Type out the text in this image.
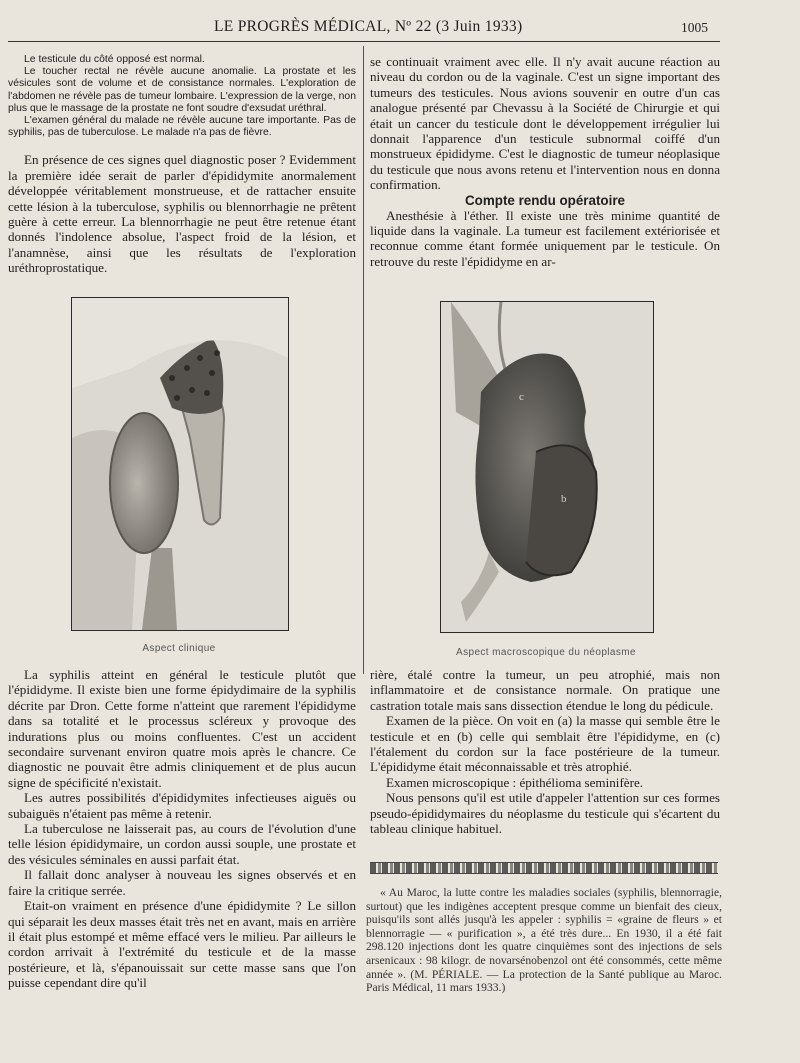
LE PROGRÈS MÉDICAL, Nº 22 (3 Juin 1933)	1005

Le testicule du côté opposé est normal.

Le toucher rectal ne révèle aucune anomalie. La prostate et les vésicules sont de volume et de consistance normales. L'exploration de l'abdomen ne révèle pas de tumeur lombaire. L'expression de la verge, non plus que le massage de la prostate ne font soudre d'exsudat uréthral.

L'examen général du malade ne révèle aucune tare importante. Pas de syphilis, pas de tuberculose. Le malade n'a pas de fièvre.

En présence de ces signes quel diagnostic poser ? Evidemment la première idée serait de parler d'épididymite anormalement développée véritablement monstrueuse, et de rattacher ensuite cette lésion à la tuberculose, syphilis ou blennorrhagie ne prêtent guère à cette erreur. La blennorrhagie ne peut être retenue étant donnés l'indolence absolue, l'aspect froid de la lésion, et l'anamnèse, ainsi que les résultats de l'exploration uréthroprostatique.

se continuait vraiment avec elle. Il n'y avait aucune réaction au niveau du cordon ou de la vaginale. C'est un signe important des tumeurs des testicules. Nous avions souvenir en outre d'un cas analogue présenté par Chevassu à la Société de Chirurgie et qui était un cancer du testicule dont le développement irrégulier lui donnait l'apparence d'un testicule subnormal coiffé d'un monstrueux épididyme. C'est le diagnostic de tumeur néoplasique du testicule que nous avons retenu et l'intervention nous en donna confirmation.

Compte rendu opératoire

Anesthésie à l'éther. Il existe une très minime quantité de liquide dans la vaginale. La tumeur est facilement extériorisée et reconnue comme étant formée uniquement par le testicule. On retrouve du reste l'épididyme en ar-

Aspect clinique
c
b
Aspect macroscopique du néoplasme

La syphilis atteint en général le testicule plutôt que l'épididyme. Il existe bien une forme épidydimaire de la syphilis décrite par Dron. Cette forme n'atteint que rarement l'épididyme dans sa totalité et le processus scléreux y provoque des indurations plus ou moins confluentes. C'est un accident secondaire survenant environ quatre mois après le chancre. Ce diagnostic ne pouvait être admis cliniquement et de plus aucun signe de spécificité n'existait.

Les autres possibilités d'épididymites infectieuses aiguës ou subaiguës n'étaient pas même à retenir.

La tuberculose ne laisserait pas, au cours de l'évolution d'une telle lésion épididymaire, un cordon aussi souple, une prostate et des vésicules séminales en aussi parfait état.

Il fallait donc analyser à nouveau les signes observés et en faire la critique serrée.

Etait-on vraiment en présence d'une épididymite ? Le sillon qui séparait les deux masses était très net en avant, mais en arrière il était plus estompé et même effacé vers le milieu. Par ailleurs le cordon arrivait à l'extrémité du testicule et de la masse postérieure, et là, s'épanouissait sur cette masse sans que l'on puisse cependant dire qu'il

rière, étalé contre la tumeur, un peu atrophié, mais non inflammatoire et de consistance normale. On pratique une castration totale mais sans dissection étendue le long du pédicule.

Examen de la pièce. On voit en (a) la masse qui semble être le testicule et en (b) celle qui semblait être l'épididyme, en (c) l'étalement du cordon sur la face postérieure de la tumeur. L'épididyme était méconnaissable et très atrophié.

Examen microscopique : épithélioma seminifère.

Nous pensons qu'il est utile d'appeler l'attention sur ces formes pseudo-épididymaires du néoplasme du testicule qui s'écartent du tableau clinique habituel.

« Au Maroc, la lutte contre les maladies sociales (syphilis, blennorragie, surtout) que les indigènes acceptent presque comme un bienfait des cieux, puisqu'ils sont allés jusqu'à les appeler : syphilis = «graine de fleurs » et blennorragie — « purification », a été très dure... En 1930, il a été fait 298.120 injections dont les quatre cinquièmes sont des injections de sels arsenicaux : 98 kilogr. de novarsénobenzol ont été consommés, cette même année ». (M. PÉRIALE. — La protection de la Santé publique au Maroc. Paris Médical, 11 mars 1933.)
